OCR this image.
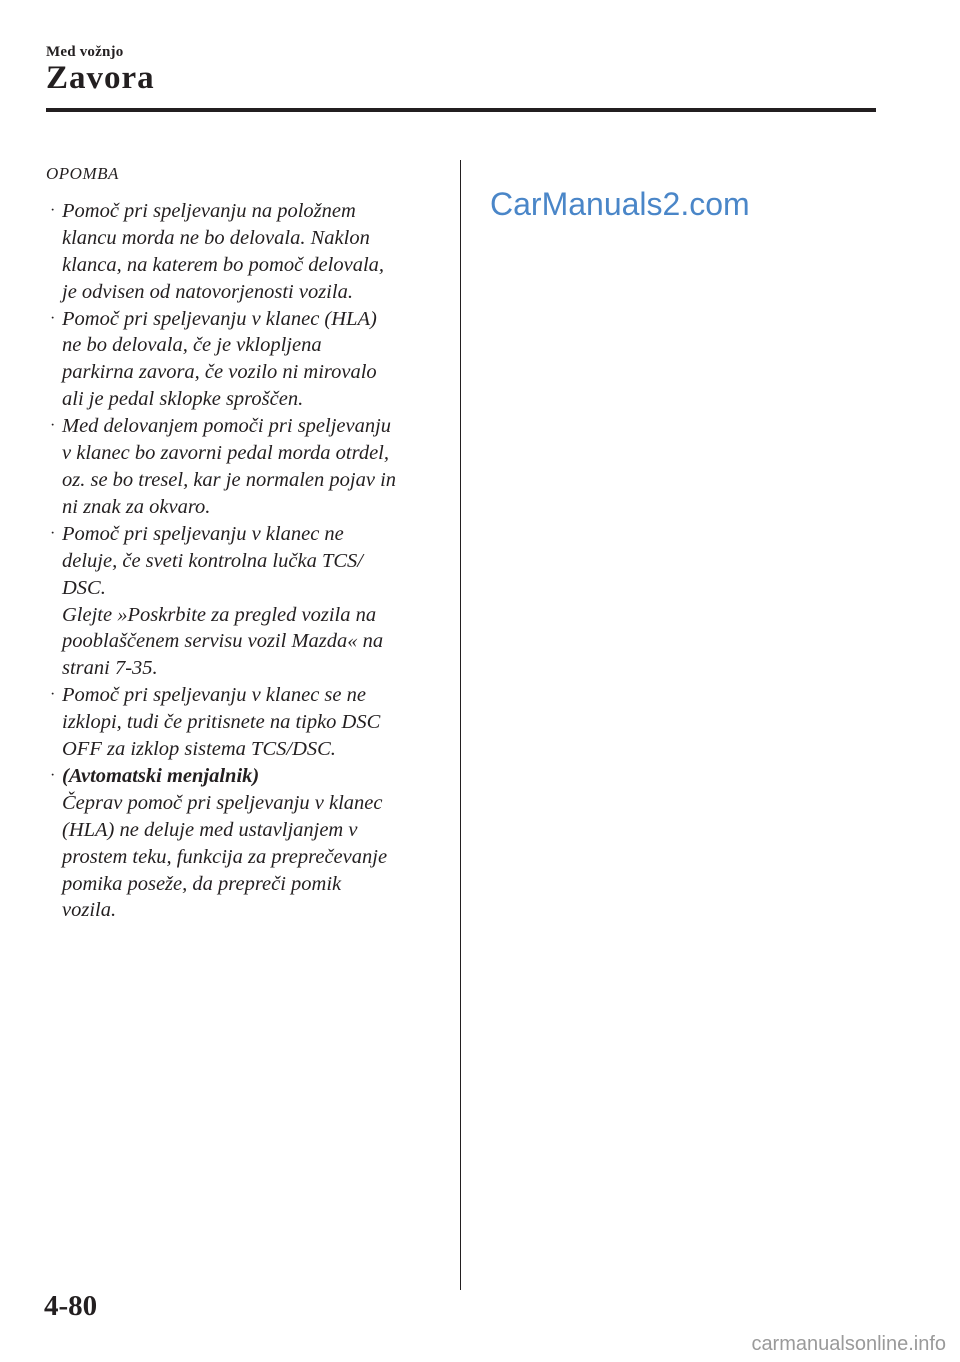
Med vožnjo
Zavora
OPOMBA
· Pomoč pri speljevanju na položnem
klancu morda ne bo delovala. Naklon
klanca, na katerem bo pomoč delovala,
je odvisen od natovorjenosti vozila.
· Pomoč pri speljevanju v klanec (HLA)
ne bo delovala, če je vklopljena
parkirna zavora, če vozilo ni mirovalo
ali je pedal sklopke sproščen.
· Med delovanjem pomoči pri speljevanju
v klanec bo zavorni pedal morda otrdel,
oz. se bo tresel, kar je normalen pojav in
ni znak za okvaro.
· Pomoč pri speljevanju v klanec ne
deluje, če sveti kontrolna lučka TCS/
DSC.
Glejte »Poskrbite za pregled vozila na
pooblaščenem servisu vozil Mazda« na
strani 7-35.
· Pomoč pri speljevanju v klanec se ne
izklopi, tudi če pritisnete na tipko DSC
OFF za izklop sistema TCS/DSC.
· (Avtomatski menjalnik)
Čeprav pomoč pri speljevanju v klanec
(HLA) ne deluje med ustavljanjem v
prostem teku, funkcija za preprečevanje
pomika poseže, da prepreči pomik
vozila.
CarManuals2.com
4-80
carmanualsonline.info
